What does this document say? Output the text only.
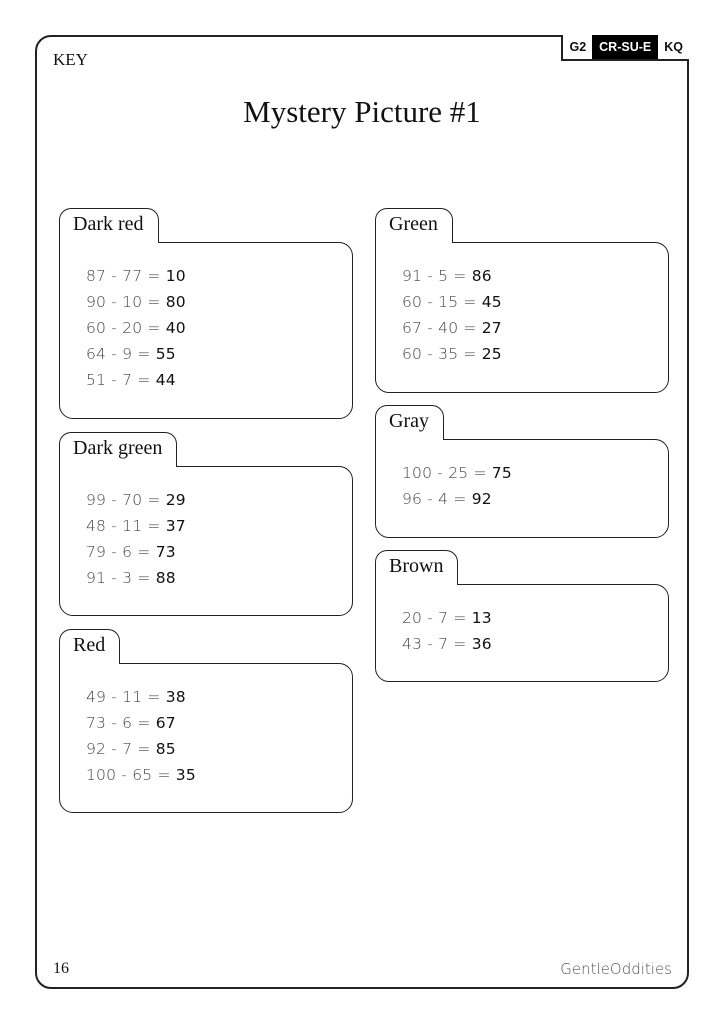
G2	CR-SU-E	KQ
KEY
Mystery Picture #1
Dark red
87 - 77 = 10
90 - 10 = 80
60 - 20 = 40
64 - 9 = 55
51 - 7 = 44
Dark green
99 - 70 = 29
48 - 11 = 37
79 - 6 = 73
91 - 3 = 88
Red
49 - 11 = 38
73 - 6 = 67
92 - 7 = 85
100 - 65 = 35
Green
91 - 5 = 86
60 - 15 = 45
67 - 40 = 27
60 - 35 = 25
Gray
100 - 25 = 75
96 - 4 = 92
Brown
20 - 7 = 13
43 - 7 = 36
16	GentleOddities
